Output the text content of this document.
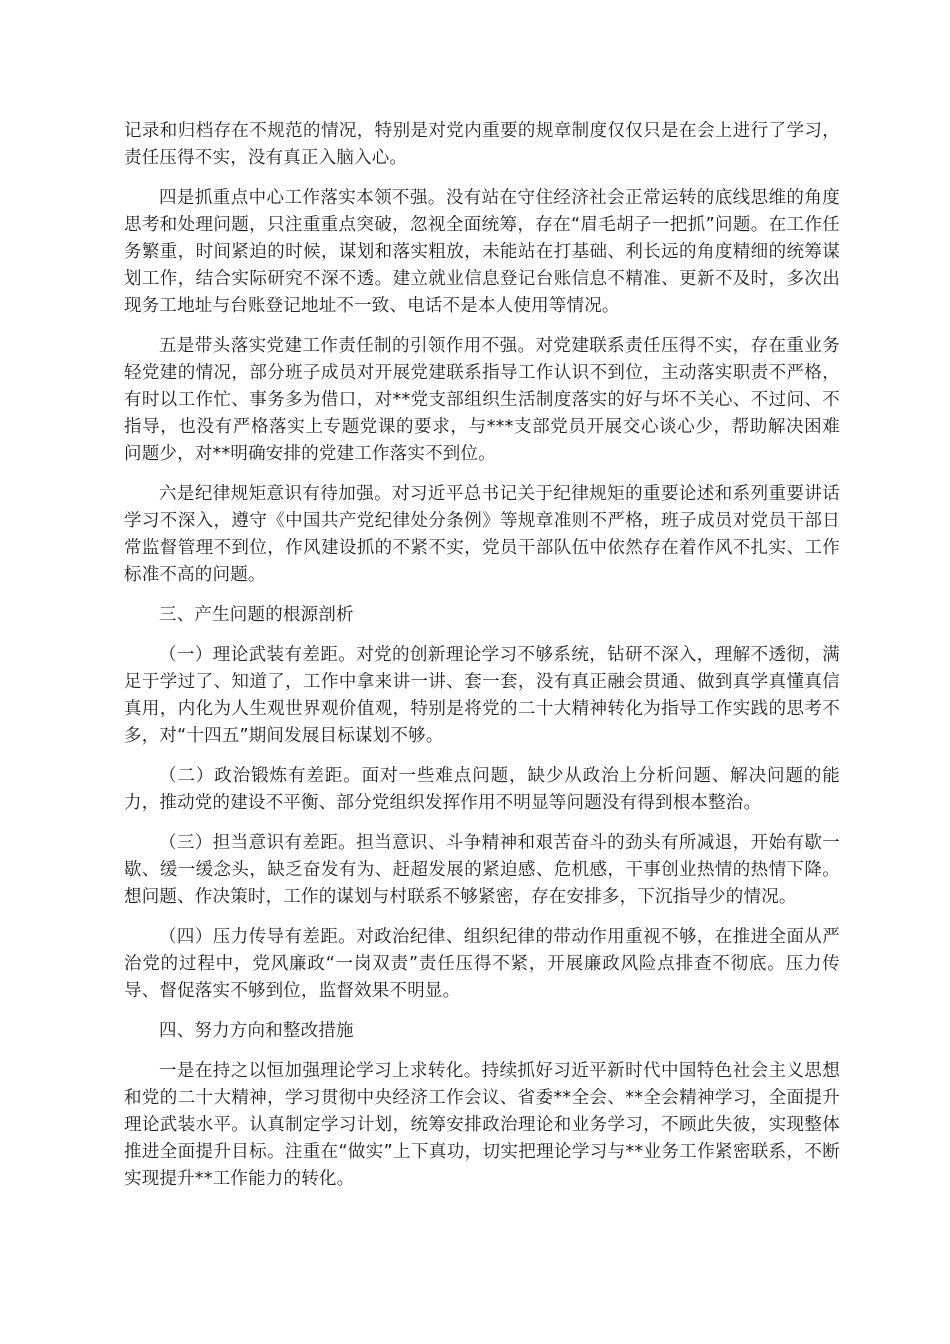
记录和归档存在不规范的情况，特别是对党内重要的规章制度仅仅只是在会上进行了学习，责任压得不实，没有真正入脑入心。

四是抓重点中心工作落实本领不强。没有站在守住经济社会正常运转的底线思维的角度思考和处理问题，只注重重点突破，忽视全面统筹，存在“眉毛胡子一把抓”问题。在工作任务繁重，时间紧迫的时候，谋划和落实粗放，未能站在打基础、利长远的角度精细的统筹谋划工作，结合实际研究不深不透。建立就业信息登记台账信息不精准、更新不及时，多次出现务工地址与台账登记地址不一致、电话不是本人使用等情况。

五是带头落实党建工作责任制的引领作用不强。对党建联系责任压得不实，存在重业务轻党建的情况，部分班子成员对开展党建联系指导工作认识不到位，主动落实职责不严格，有时以工作忙、事务多为借口，对**党支部组织生活制度落实的好与坏不关心、不过问、不指导，也没有严格落实上专题党课的要求，与***支部党员开展交心谈心少，帮助解决困难问题少，对**明确安排的党建工作落实不到位。

六是纪律规矩意识有待加强。对习近平总书记关于纪律规矩的重要论述和系列重要讲话学习不深入，遵守《中国共产党纪律处分条例》等规章准则不严格，班子成员对党员干部日常监督管理不到位，作风建设抓的不紧不实，党员干部队伍中依然存在着作风不扎实、工作标准不高的问题。

三、产生问题的根源剖析

（一）理论武装有差距。对党的创新理论学习不够系统，钻研不深入，理解不透彻，满足于学过了、知道了，工作中拿来讲一讲、套一套，没有真正融会贯通、做到真学真懂真信真用，内化为人生观世界观价值观，特别是将党的二十大精神转化为指导工作实践的思考不多，对“十四五”期间发展目标谋划不够。

（二）政治锻炼有差距。面对一些难点问题，缺少从政治上分析问题、解决问题的能力，推动党的建设不平衡、部分党组织发挥作用不明显等问题没有得到根本整治。

（三）担当意识有差距。担当意识、斗争精神和艰苦奋斗的劲头有所减退，开始有歇一歇、缓一缓念头，缺乏奋发有为、赶超发展的紧迫感、危机感，干事创业热情的热情下降。想问题、作决策时，工作的谋划与村联系不够紧密，存在安排多，下沉指导少的情况。

（四）压力传导有差距。对政治纪律、组织纪律的带动作用重视不够，在推进全面从严治党的过程中，党风廉政“一岗双责”责任压得不紧，开展廉政风险点排查不彻底。压力传导、督促落实不够到位，监督效果不明显。

四、努力方向和整改措施

一是在持之以恒加强理论学习上求转化。持续抓好习近平新时代中国特色社会主义思想和党的二十大精神，学习贯彻中央经济工作会议、省委**全会、**全会精神学习，全面提升理论武装水平。认真制定学习计划，统筹安排政治理论和业务学习，不顾此失彼，实现整体推进全面提升目标。注重在“做实”上下真功，切实把理论学习与**业务工作紧密联系，不断实现提升**工作能力的转化。
